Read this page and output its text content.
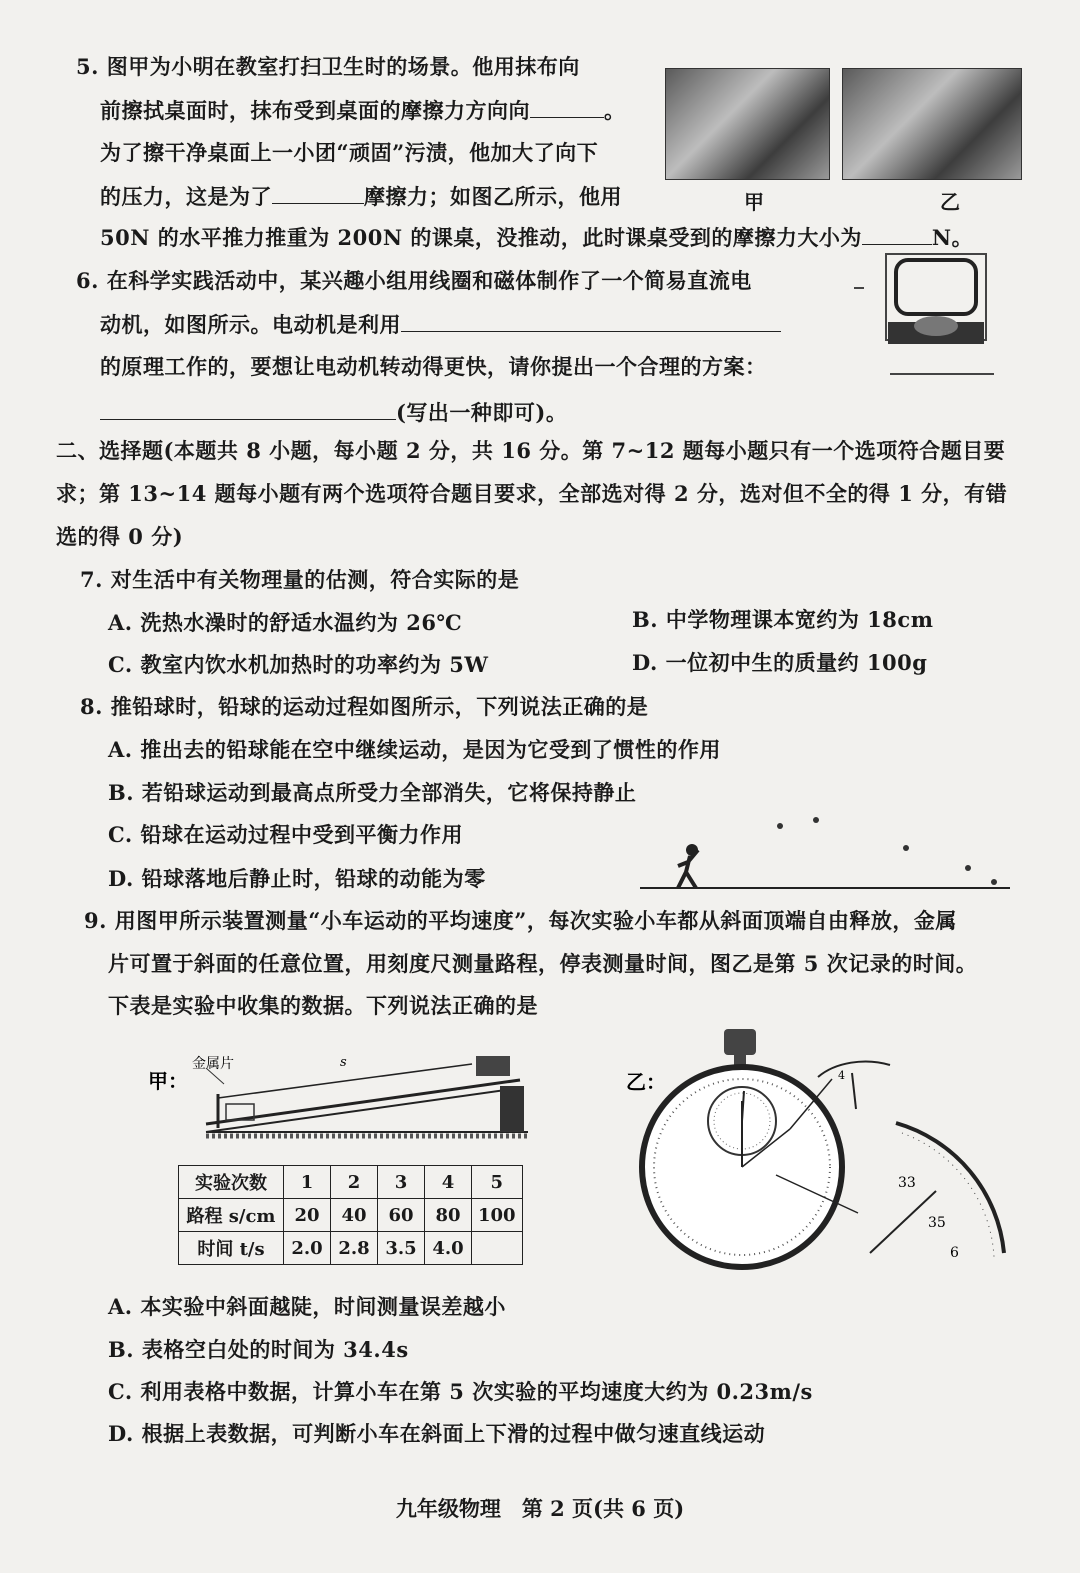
5. 图甲为小明在教室打扫卫生时的场景。他用抹布向
前擦拭桌面时，抹布受到桌面的摩擦力方向向	。
为了擦干净桌面上一小团“顽固”污渍，他加大了向下
的压力，这是为了	摩擦力；如图乙所示，他用
50N 的水平推力推重为 200N 的课桌，没推动，此时课桌受到的摩擦力大小为	N。
甲	乙
6. 在科学实践活动中，某兴趣小组用线圈和磁体制作了一个简易直流电
动机，如图所示。电动机是利用
的原理工作的，要想让电动机转动得更快，请你提出一个合理的方案：
(写出一种即可)。
二、选择题(本题共 8 小题，每小题 2 分，共 16 分。第 7~12 题每小题只有一个选项符合题目要
求；第 13~14 题每小题有两个选项符合题目要求，全部选对得 2 分，选对但不全的得 1 分，有错
选的得 0 分)
7. 对生活中有关物理量的估测，符合实际的是
A. 洗热水澡时的舒适水温约为 26℃	B. 中学物理课本宽约为 18cm
C. 教室内饮水机加热时的功率约为 5W	D. 一位初中生的质量约 100g
8. 推铅球时，铅球的运动过程如图所示，下列说法正确的是
A. 推出去的铅球能在空中继续运动，是因为它受到了惯性的作用
B. 若铅球运动到最高点所受力全部消失，它将保持静止
C. 铅球在运动过程中受到平衡力作用
D. 铅球落地后静止时，铅球的动能为零
9. 用图甲所示装置测量“小车运动的平均速度”，每次实验小车都从斜面顶端自由释放，金属
片可置于斜面的任意位置，用刻度尺测量路程，停表测量时间，图乙是第 5 次记录的时间。
下表是实验中收集的数据。下列说法正确的是
甲：
金属片	s
实验次数	1	2	3	4	5
路程 s/cm	20	40	60	80	100
时间 t/s	2.0	2.8	3.5	4.0	
乙：	4
33
35
6
A. 本实验中斜面越陡，时间测量误差越小
B. 表格空白处的时间为 34.4s
C. 利用表格中数据，计算小车在第 5 次实验的平均速度大约为 0.23m/s
D. 根据上表数据，可判断小车在斜面上下滑的过程中做匀速直线运动
九年级物理　第 2 页(共 6 页)
